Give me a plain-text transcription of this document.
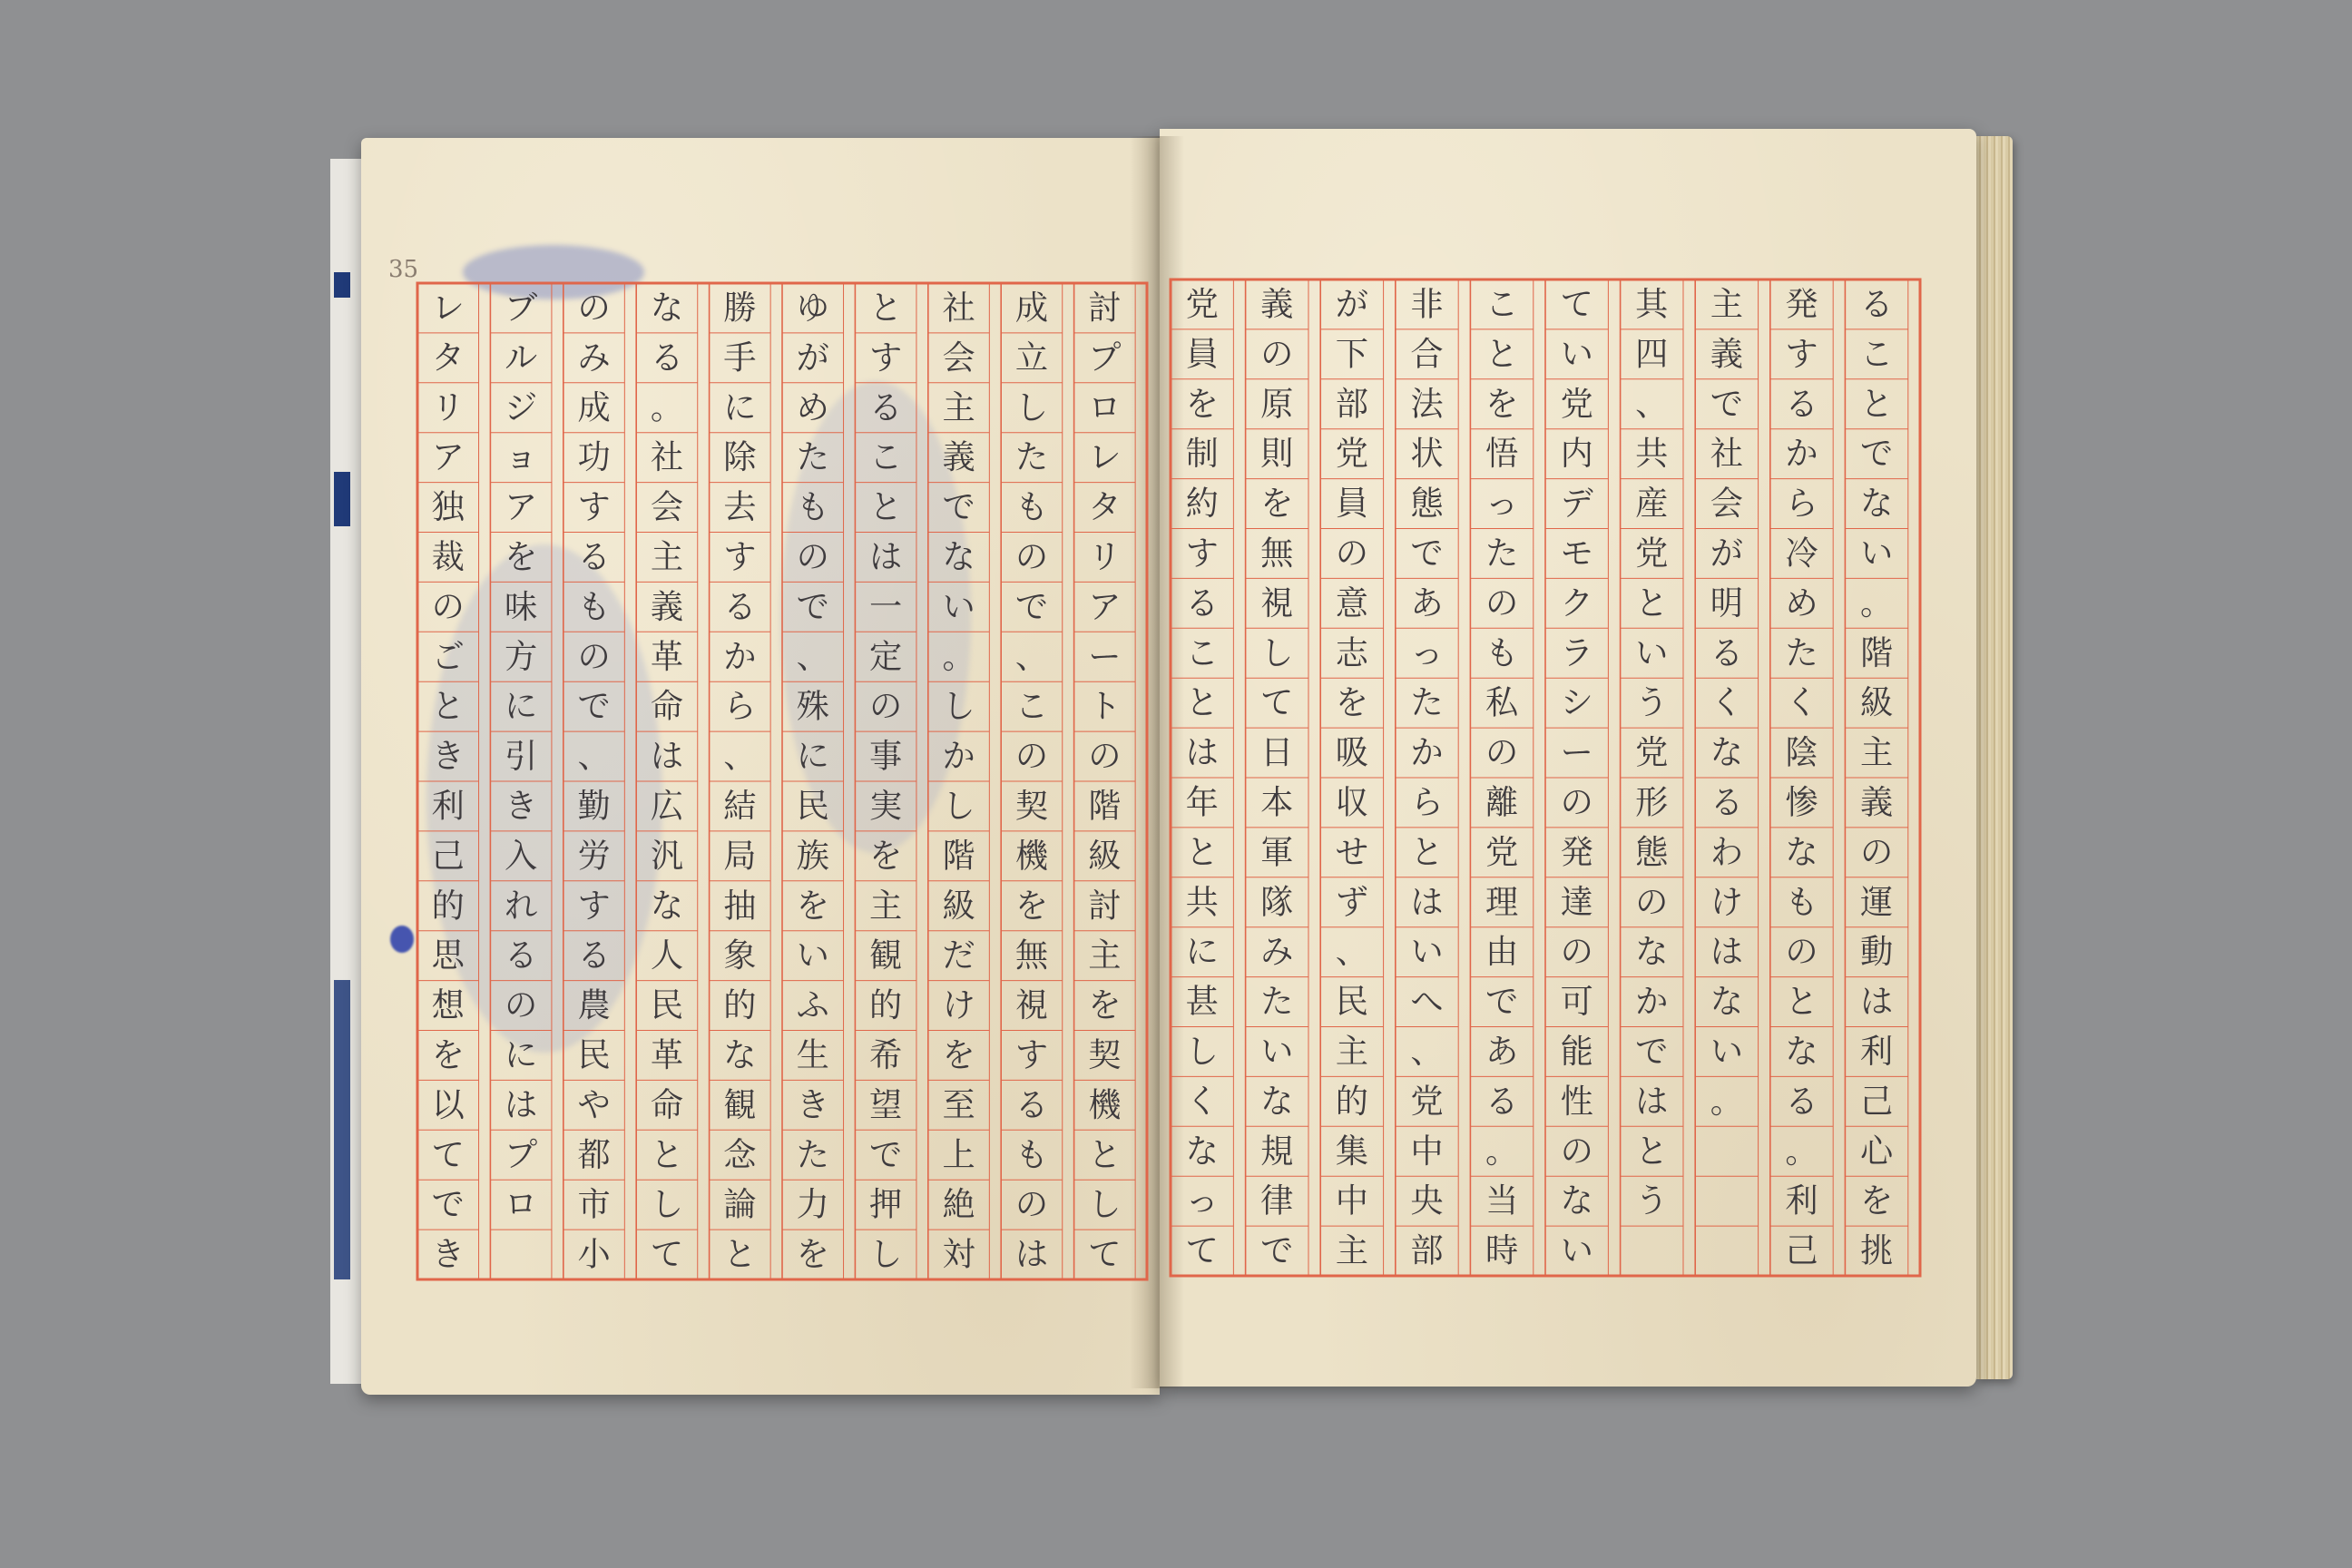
35
レ
タ
リ
ア
独
裁
の
ご
と
き
利
己
的
思
想
を
以
て
で
き
ブ
ル
ジ
ョ
ア
を
味
方
に
引
き
入
れ
る
の
に
は
プ
ロ
の
み
成
功
す
る
も
の
で
、
勤
労
す
る
農
民
や
都
市
小
な
る
。
社
会
主
義
革
命
は
広
汎
な
人
民
革
命
と
し
て
勝
手
に
除
去
す
る
か
ら
、
結
局
抽
象
的
な
観
念
論
と
ゆ
が
め
た
も
の
で
、
殊
に
民
族
を
い
ふ
生
き
た
力
を
と
す
る
こ
と
は
一
定
の
事
実
を
主
観
的
希
望
で
押
し
社
会
主
義
で
な
い
。
し
か
し
階
級
だ
け
を
至
上
絶
対
成
立
し
た
も
の
で
、
こ
の
契
機
を
無
視
す
る
も
の
は
討
プ
ロ
レ
タ
リ
ア
ー
ト
の
階
級
討
主
を
契
機
と
し
て
党
員
を
制
約
す
る
こ
と
は
年
と
共
に
甚
し
く
な
っ
て
義
の
原
則
を
無
視
し
て
日
本
軍
隊
み
た
い
な
規
律
で
が
下
部
党
員
の
意
志
を
吸
収
せ
ず
、
民
主
的
集
中
主
非
合
法
状
態
で
あ
っ
た
か
ら
と
は
い
へ
、
党
中
央
部
こ
と
を
悟
っ
た
の
も
私
の
離
党
理
由
で
あ
る
。
当
時
て
い
党
内
デ
モ
ク
ラ
シ
ー
の
発
達
の
可
能
性
の
な
い
其
四
、
共
産
党
と
い
う
党
形
態
の
な
か
で
は
と
う
主
義
で
社
会
が
明
る
く
な
る
わ
け
は
な
い
。
発
す
る
か
ら
冷
め
た
く
陰
惨
な
も
の
と
な
る
。
利
己
る
こ
と
で
な
い
。
階
級
主
義
の
運
動
は
利
己
心
を
挑
